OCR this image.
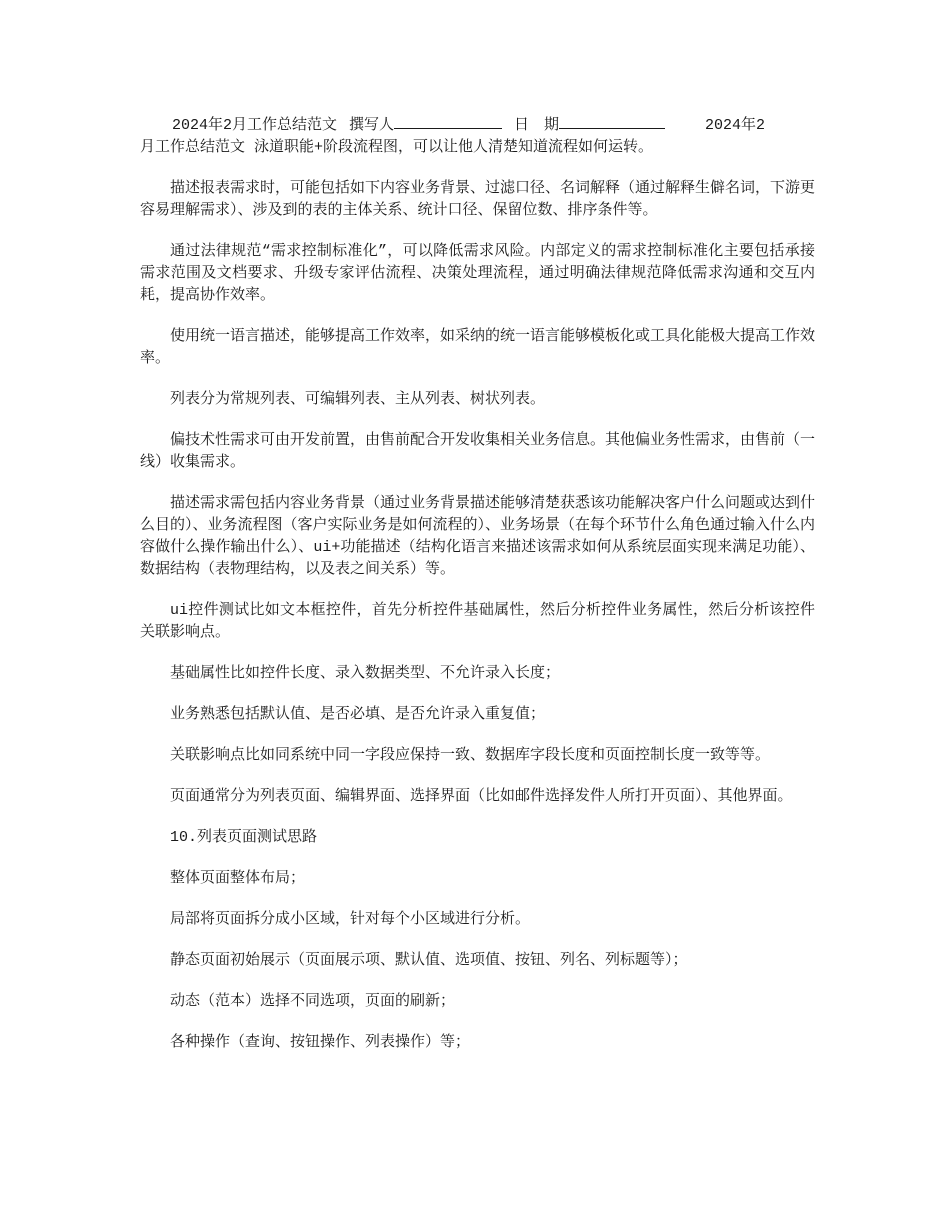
2024年2月工作总结范文 撰写人	日　期	2024年2

月工作总结范文 泳道职能+阶段流程图，可以让他人清楚知道流程如何运转。

描述报表需求时，可能包括如下内容业务背景、过滤口径、名词解释（通过解释生僻名词，下游更容易理解需求）、涉及到的表的主体关系、统计口径、保留位数、排序条件等。

通过法律规范“需求控制标准化”，可以降低需求风险。内部定义的需求控制标准化主要包括承接需求范围及文档要求、升级专家评估流程、决策处理流程，通过明确法律规范降低需求沟通和交互内耗，提高协作效率。

使用统一语言描述，能够提高工作效率，如采纳的统一语言能够模板化或工具化能极大提高工作效率。

列表分为常规列表、可编辑列表、主从列表、树状列表。

偏技术性需求可由开发前置，由售前配合开发收集相关业务信息。其他偏业务性需求，由售前（一线）收集需求。

描述需求需包括内容业务背景（通过业务背景描述能够清楚获悉该功能解决客户什么问题或达到什么目的）、业务流程图（客户实际业务是如何流程的）、业务场景（在每个环节什么角色通过输入什么内容做什么操作输出什么）、ui+功能描述（结构化语言来描述该需求如何从系统层面实现来满足功能）、数据结构（表物理结构，以及表之间关系）等。

ui控件测试比如文本框控件，首先分析控件基础属性，然后分析控件业务属性，然后分析该控件关联影响点。

基础属性比如控件长度、录入数据类型、不允许录入长度；

业务熟悉包括默认值、是否必填、是否允许录入重复值；

关联影响点比如同系统中同一字段应保持一致、数据库字段长度和页面控制长度一致等等。

页面通常分为列表页面、编辑界面、选择界面（比如邮件选择发件人所打开页面）、其他界面。

10.列表页面测试思路

整体页面整体布局；

局部将页面拆分成小区域，针对每个小区域进行分析。

静态页面初始展示（页面展示项、默认值、选项值、按钮、列名、列标题等）；

动态（范本）选择不同选项，页面的刷新；

各种操作（查询、按钮操作、列表操作）等；
